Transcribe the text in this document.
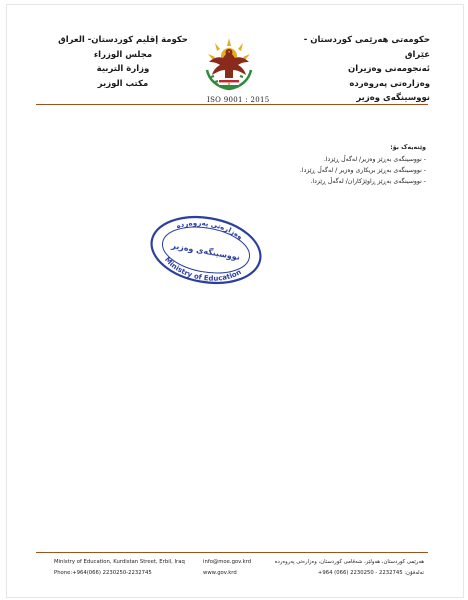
حکومەتی هەرێمی کوردستان - عێراق
ئەنجومەنی وەزیران
وەزارەتی پەروەردە
نووسینگەی وەزیر
حكومة إقليم كوردستان- العراق
مجلس الوزراء
وزارة التربية
مكتب الوزير
ISO 9001 : 2015
وێنەیەک بۆ:
- نووسینگەی بەڕێز وەزیر/ لەگەڵ ڕێزدا.
- نووسینگەی بەڕێز بریکاری وەزیر / لەگەڵ ڕێزدا.
- نووسینگەی بەڕێز ڕاوێژکاران/ لەگەڵ ڕێزدا.
وەزارەتی پەروەردە
نووسینگەی وەزیر
Ministry of Education
Ministry of Education, Kurdistan Street, Erbil, Iraq
Phone:+964(066) 2230250-2232745
info@moe.gov.krd
www.gov.krd
هەرێمی کوردستان، هەولێر، شەقامی کوردستان، وەزارەتی پەروەردە
تەلەفۆن: 2232745 - 2230250 (066) 964+
